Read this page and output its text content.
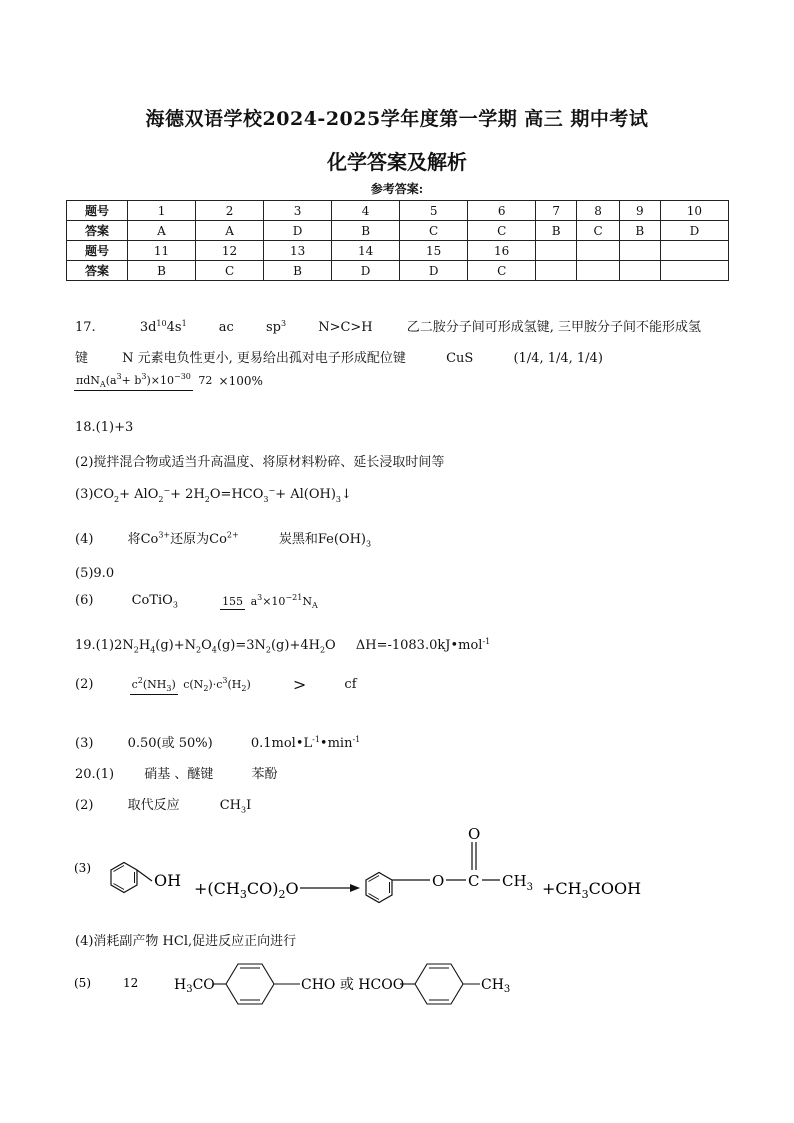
海德双语学校2024-2025学年度第一学期 高三 期中考试
化学答案及解析
参考答案:
题号	1	2	3	4	5	6	7	8	9	10
答案	A	A	D	B	C	C	B	C	B	D
题号	11	12	13	14	15	16				
答案	B	C	B	D	D	C				
17.	$3d^{10}4s^1$ ac $sp^3$ N>C>H	乙二胺分子间可形成氢键, 三甲胺分子间不能形成氢
键	N 元素电负性更小, 更易给出孤对电子形成配位键	CuS	(1/4, 1/4, 1/4)
$\pi dN_A(a^3+ b^3)\times 10^{-30}$ 72 ×100%
18.(1)+3
(2)搅拌混合物或适当升高温度、将原材料粉碎、延长浸取时间等
$(3)CO_2+ AlO_2^-+ 2H_2O=HCO_3^-+$ $Al(OH)_3↓$
(4)	将$Co^{3+}$还原为$Co^{2+}$	炭黑和$Fe(OH)_3$
(5)9.0
(6)	CoTiO$_3$	155 $a^3\times 10^{-21}N_A$
$19.(1)2N_2H_4(g)+N_2O_4(g)=3N_2(g)+4H_2O$ ΔH=-1083.0kJ•mol$^{-1}$
(2)	$c^2(NH_3)$ $c(N_2)\cdot c^3(H_2)$	>	cf
(3)	0.50(或 50%)	$0.1mol•L^{-1}•\min^{-1}$
20.(1) 硝基 、醚键	苯酚
(2)	取代反应	$CH_3I$
(3)
OH $+(CH_3CO)_2O$	O C
O
$CH_3$ $+CH_3COOH$
(4)消耗副产物 HCl,促进反应正向进行
(5)	12	$H_3CO$	CHO 或 HCOO	$CH_3$
